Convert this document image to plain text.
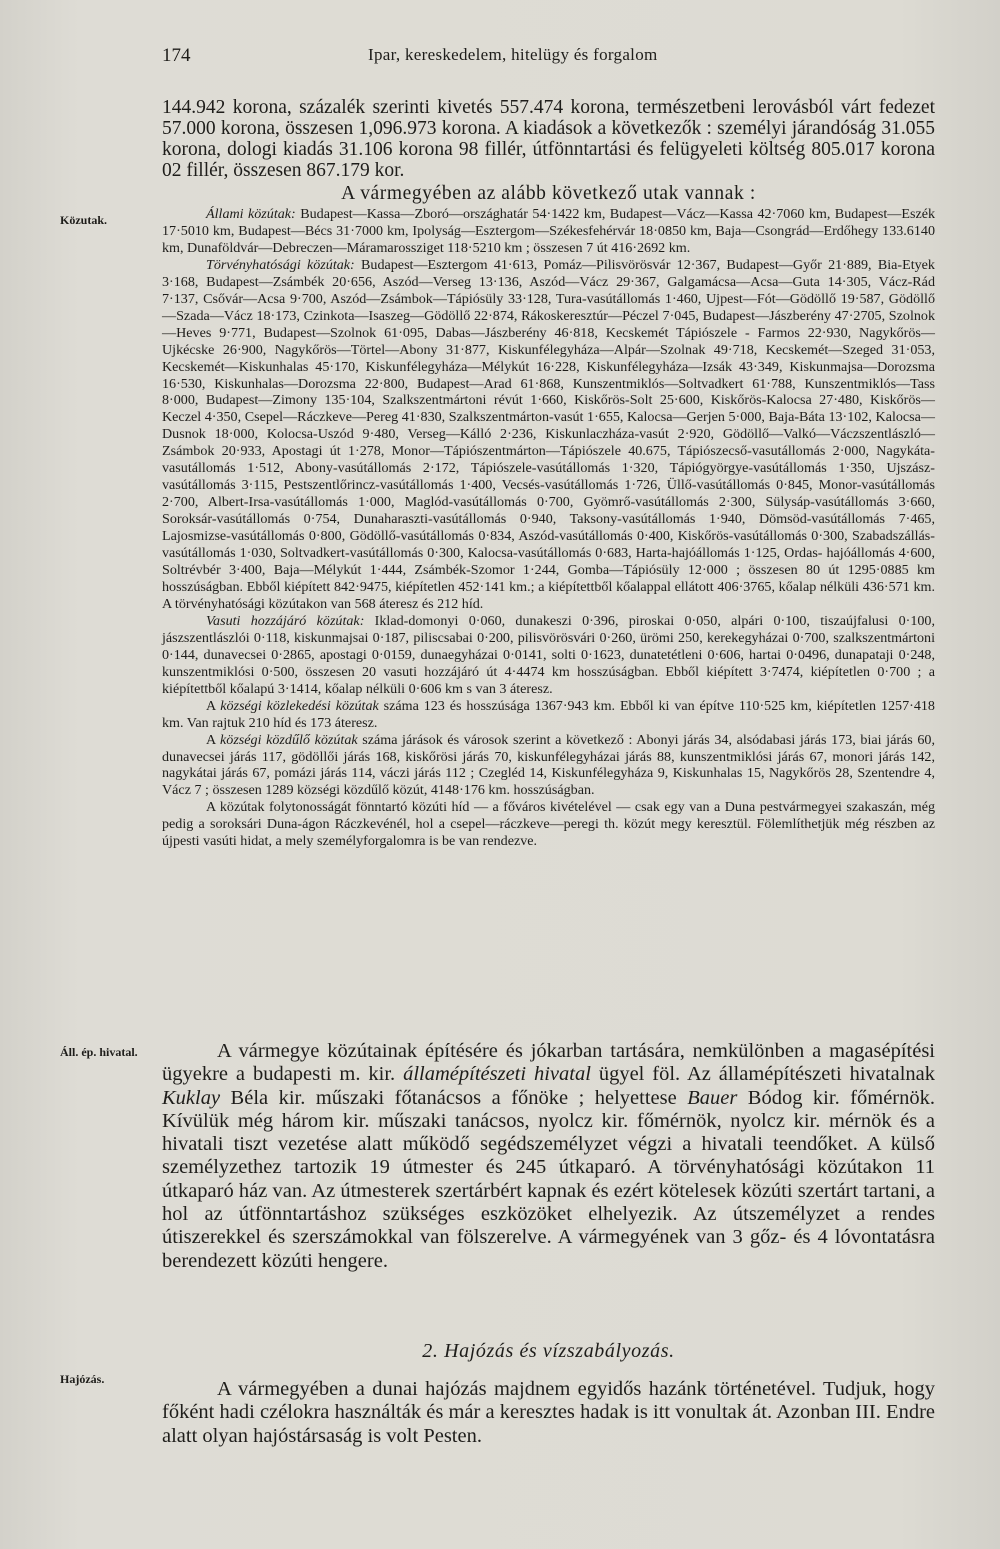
174	Ipar, kereskedelem, hitelügy és forgalom
Közutak.
Áll. ép. hivatal.
Hajózás.

144.942 korona, százalék szerinti kivetés 557.474 korona, természetbeni lerovásból várt fedezet 57.000 korona, összesen 1,096.973 korona. A kiadások a következők : személyi járandóság 31.055 korona, dologi kiadás 31.106 korona 98 fillér, útfönntartási és felügyeleti költség 805.017 korona 02 fillér, összesen 867.179 kor.

A vármegyében az alább következő utak vannak :

Állami közútak: Budapest—Kassa—Zboró—országhatár 54·1422 km, Budapest—Vácz—Kassa 42·7060 km, Budapest—Eszék 17·5010 km, Budapest—Bécs 31·7000 km, Ipolyság—Esztergom—Székesfehérvár 18·0850 km, Baja—Csongrád—Erdőhegy 133.6140 km, Dunaföldvár—Debreczen—Máramarossziget 118·5210 km ; összesen 7 út 416·2692 km.

Törvényhatósági közútak: Budapest—Esztergom 41·613, Pomáz—Pilisvörösvár 12·367, Budapest—Győr 21·889, Bia-Etyek 3·168, Budapest—Zsámbék 20·656, Aszód—Verseg 13·136, Aszód—Vácz 29·367, Galgamácsa—Acsa—Guta 14·305, Vácz-Rád 7·137, Csővár—Acsa 9·700, Aszód—Zsámbok—Tápiósüly 33·128, Tura-vasútállomás 1·460, Ujpest—Fót—Gödöllő 19·587, Gödöllő—Szada—Vácz 18·173, Czinkota—Isaszeg—Gödöllő 22·874, Rákoskeresztúr—Péczel 7·045, Budapest—Jászberény 47·2705, Szolnok—Heves 9·771, Budapest—Szolnok 61·095, Dabas—Jászberény 46·818, Kecskemét Tápiószele - Farmos 22·930, Nagykőrös—Ujkécske 26·900, Nagykőrös—Törtel—Abony 31·877, Kiskunfélegyháza—Alpár—Szolnak 49·718, Kecskemét—Szeged 31·053, Kecskemét—Kiskunhalas 45·170, Kiskunfélegyháza—Mélykút 16·228, Kiskunfélegyháza—Izsák 43·349, Kiskunmajsa—Dorozsma 16·530, Kiskunhalas—Dorozsma 22·800, Budapest—Arad 61·868, Kunszentmiklós—Soltvadkert 61·788, Kunszentmiklós—Tass 8·000, Budapest—Zimony 135·104, Szalkszentmártoni révút 1·660, Kiskőrös-Solt 25·600, Kiskőrös-Kalocsa 27·480, Kiskőrös—Keczel 4·350, Csepel—Ráczkeve—Pereg 41·830, Szalkszentmárton-vasút 1·655, Kalocsa—Gerjen 5·000, Baja-Báta 13·102, Kalocsa—Dusnok 18·000, Kolocsa-Uszód 9·480, Verseg—Kálló 2·236, Kiskunlaczháza-vasút 2·920, Gödöllő—Valkó—Váczszentlászló—Zsámbok 20·933, Apostagi út 1·278, Monor—Tápiószentmárton—Tápiószele 40.675, Tápiószecső-vasutállomás 2·000, Nagykáta-vasutállomás 1·512, Abony-vasútállomás 2·172, Tápiószele-vasútállomás 1·320, Tápiógyörgye-vasútállomás 1·350, Ujszász-vasútállomás 3·115, Pestszentlőrincz-vasútállomás 1·400, Vecsés-vasútállomás 1·726, Üllő-vasútállomás 0·845, Monor-vasútállomás 2·700, Albert-Irsa-vasútállomás 1·000, Maglód-vasútállomás 0·700, Gyömrő-vasútállomás 2·300, Sülysáp-vasútállomás 3·660, Soroksár-vasútállomás 0·754, Dunaharaszti-vasútállomás 0·940, Taksony-vasútállomás 1·940, Dömsöd-vasútállomás 7·465, Lajosmizse-vasútállomás 0·800, Gödöllő-vasútállomás 0·834, Aszód-vasútállomás 0·400, Kiskőrös-vasútállomás 0·300, Szabadszállás-vasútállomás 1·030, Soltvadkert-vasútállomás 0·300, Kalocsa-vasútállomás 0·683, Harta-hajóállomás 1·125, Ordas- hajóállomás 4·600, Soltrévbér 3·400, Baja—Mélykút 1·444, Zsámbék-Szomor 1·244, Gomba—Tápiósüly 12·000 ; összesen 80 út 1295·0885 km hosszúságban. Ebből kiépített 842·9475, kiépítetlen 452·141 km.; a kiépítettből kőalappal ellátott 406·3765, kőalap nélküli 436·571 km. A törvényhatósági közútakon van 568 áteresz és 212 híd.

Vasuti hozzájáró közútak: Iklad-domonyi 0·060, dunakeszi 0·396, piroskai 0·050, alpári 0·100, tiszaújfalusi 0·100, jászszentlászlói 0·118, kiskunmajsai 0·187, piliscsabai 0·200, pilisvörösvári 0·260, ürömi 250, kerekegyházai 0·700, szalkszentmártoni 0·144, dunavecsei 0·2865, apostagi 0·0159, dunaegyházai 0·0141, solti 0·1623, dunatetétleni 0·606, hartai 0·0496, dunapataji 0·248, kunszentmiklósi 0·500, összesen 20 vasuti hozzájáró út 4·4474 km hosszúságban. Ebből kiépített 3·7474, kiépítetlen 0·700 ; a kiépítettből kőalapú 3·1414, kőalap nélküli 0·606 km s van 3 áteresz.

A községi közlekedési közútak száma 123 és hosszúsága 1367·943 km. Ebből ki van építve 110·525 km, kiépítetlen 1257·418 km. Van rajtuk 210 híd és 173 áteresz.

A községi közdűlő közútak száma járások és városok szerint a következő : Abonyi járás 34, alsódabasi járás 173, biai járás 60, dunavecsei járás 117, gödöllői járás 168, kiskőrösi járás 70, kiskunfélegyházai járás 88, kunszentmiklósi járás 67, monori járás 142, nagykátai járás 67, pomázi járás 114, váczi járás 112 ; Czegléd 14, Kiskunfélegyháza 9, Kiskunhalas 15, Nagykőrös 28, Szentendre 4, Vácz 7 ; összesen 1289 községi közdűlő közút, 4148·176 km. hosszúságban.

A közútak folytonosságát fönntartó közúti híd — a főváros kivételével — csak egy van a Duna pestvármegyei szakaszán, még pedig a soroksári Duna-ágon Ráczkevénél, hol a csepel—ráczkeve—peregi th. közút megy keresztül. Fölemlíthetjük még részben az újpesti vasúti hidat, a mely személyforgalomra is be van rendezve.

A vármegye közútainak építésére és jókarban tartására, nemkülönben a magasépítési ügyekre a budapesti m. kir. államépítészeti hivatal ügyel föl. Az államépítészeti hivatalnak Kuklay Béla kir. műszaki főtanácsos a főnöke ; helyettese Bauer Bódog kir. főmérnök. Kívülük még három kir. műszaki tanácsos, nyolcz kir. főmérnök, nyolcz kir. mérnök és a hivatali tiszt vezetése alatt működő segédszemélyzet végzi a hivatali teendőket. A külső személyzethez tartozik 19 útmester és 245 útkaparó. A törvényhatósági közútakon 11 útkaparó ház van. Az útmesterek szertárbért kapnak és ezért kötelesek közúti szertárt tartani, a hol az útfönntartáshoz szükséges eszközöket elhelyezik. Az útszemélyzet a rendes útiszerekkel és szerszámokkal van fölszerelve. A vármegyének van 3 gőz- és 4 lóvontatásra berendezett közúti hengere.

2. Hajózás és vízszabályozás.

A vármegyében a dunai hajózás majdnem egyidős hazánk történetével. Tudjuk, hogy főként hadi czélokra használták és már a keresztes hadak is itt vonultak át. Azonban III. Endre alatt olyan hajóstársaság is volt Pesten.
